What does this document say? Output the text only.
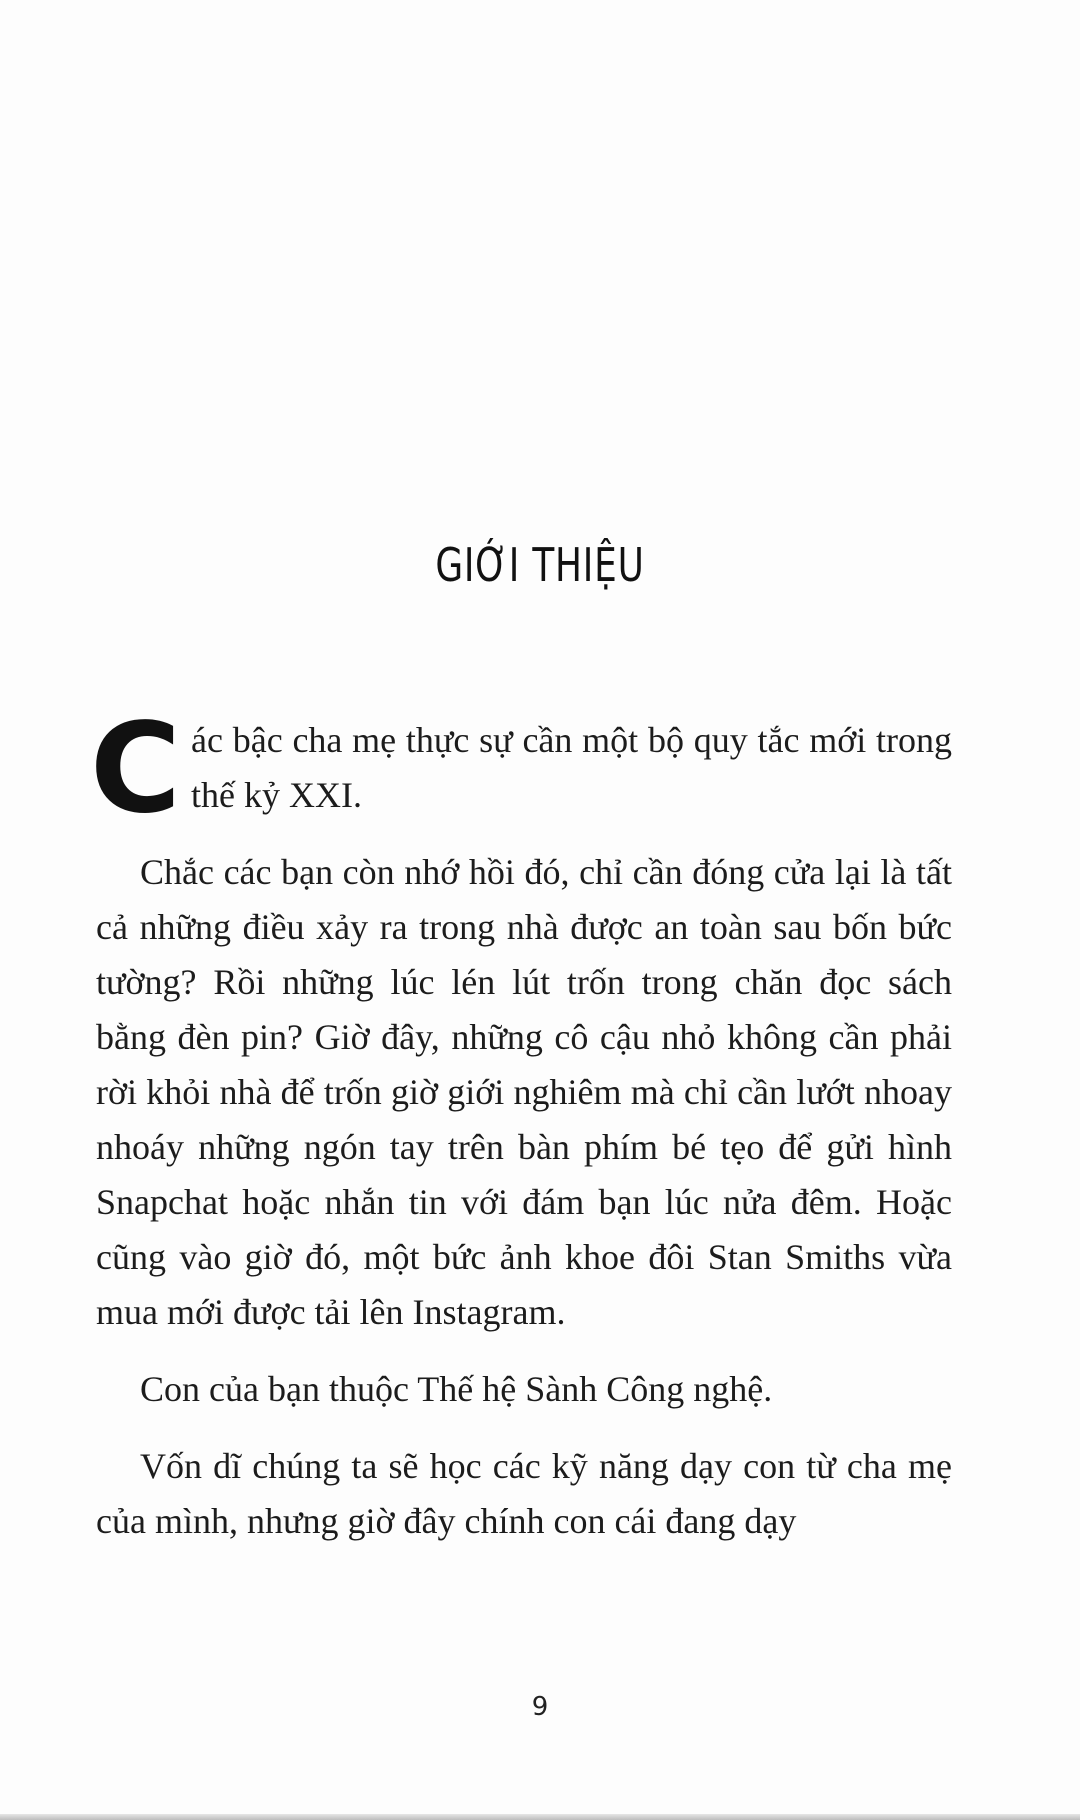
GIỚI THIỆU

Các bậc cha mẹ thực sự cần một bộ quy tắc mới trong thế kỷ XXI.

Chắc các bạn còn nhớ hồi đó, chỉ cần đóng cửa lại là tất cả những điều xảy ra trong nhà được an toàn sau bốn bức tường? Rồi những lúc lén lút trốn trong chăn đọc sách bằng đèn pin? Giờ đây, những cô cậu nhỏ không cần phải rời khỏi nhà để trốn giờ giới nghiêm mà chỉ cần lướt nhoay nhoáy những ngón tay trên bàn phím bé tẹo để gửi hình Snapchat hoặc nhắn tin với đám bạn lúc nửa đêm. Hoặc cũng vào giờ đó, một bức ảnh khoe đôi Stan Smiths vừa mua mới được tải lên Instagram.

Con của bạn thuộc Thế hệ Sành Công nghệ.

Vốn dĩ chúng ta sẽ học các kỹ năng dạy con từ cha mẹ của mình, nhưng giờ đây chính con cái đang dạy

9
